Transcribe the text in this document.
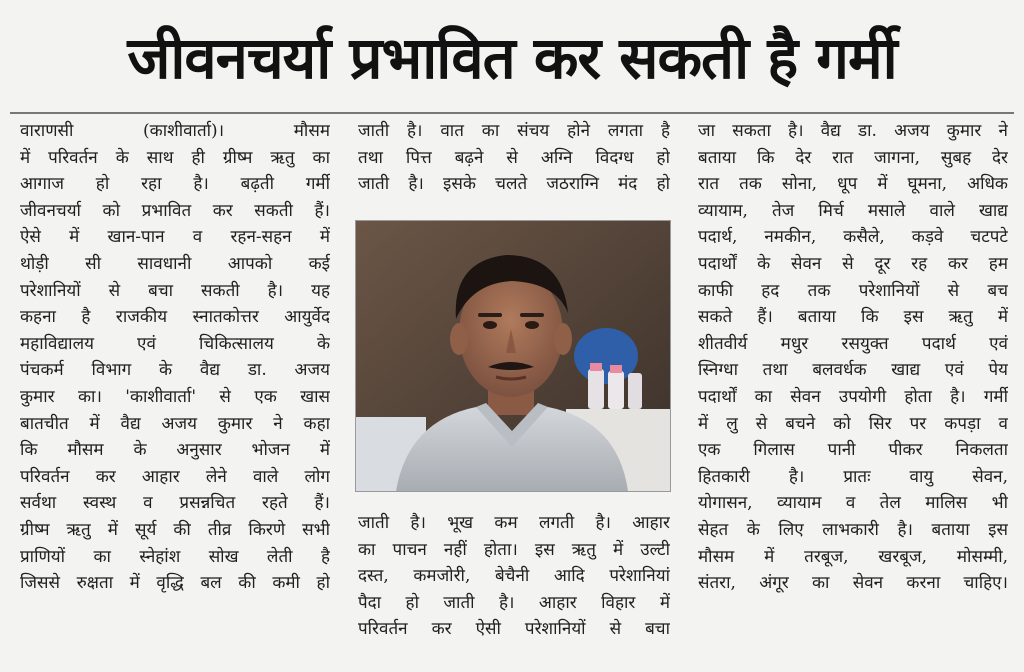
जीवनचर्या प्रभावित कर सकती है गर्मी
वाराणसी (काशीवार्ता)। मौसम
में परिवर्तन के साथ ही ग्रीष्म ऋतु का
आगाज हो रहा है। बढ़ती गर्मी
जीवनचर्या को प्रभावित कर सकती हैं।
ऐसे में खान-पान व रहन-सहन में
थोड़ी सी सावधानी आपको कई
परेशानियों से बचा सकती है। यह
कहना है राजकीय स्नातकोत्तर आयुर्वेद
महाविद्यालय एवं चिकित्सालय के
पंचकर्म विभाग के वैद्य डा. अजय
कुमार का। 'काशीवार्ता' से एक खास
बातचीत में वैद्य अजय कुमार ने कहा
कि मौसम के अनुसार भोजन में
परिवर्तन कर आहार लेने वाले लोग
सर्वथा स्वस्थ व प्रसन्नचित रहते हैं।
ग्रीष्म ऋतु में सूर्य की तीव्र किरणे सभी
प्राणियों का स्नेहांश सोख लेती है
जिससे रुक्षता में वृद्धि बल की कमी हो
जाती है। वात का संचय होने लगता है
तथा पित्त बढ़ने से अग्नि विदग्ध हो
जाती है। इसके चलते जठराग्नि मंद हो
जाती है। भूख कम लगती है। आहार
का पाचन नहीं होता। इस ऋतु में उल्टी
दस्त, कमजोरी, बेचैनी आदि परेशानियां
पैदा हो जाती है। आहार विहार में
परिवर्तन कर ऐसी परेशानियों से बचा
जा सकता है। वैद्य डा. अजय कुमार ने
बताया कि देर रात जागना, सुबह देर
रात तक सोना, धूप में घूमना, अधिक
व्यायाम, तेज मिर्च मसाले वाले खाद्य
पदार्थ, नमकीन, कसैले, कड़वे चटपटे
पदार्थों के सेवन से दूर रह कर हम
काफी हद तक परेशानियों से बच
सकते हैं। बताया कि इस ऋतु में
शीतवीर्य मधुर रसयुक्त पदार्थ एवं
स्निग्धा तथा बलवर्धक खाद्य एवं पेय
पदार्थों का सेवन उपयोगी होता है। गर्मी
में लु से बचने को सिर पर कपड़ा व
एक गिलास पानी पीकर निकलता
हितकारी है। प्रातः वायु सेवन,
योगासन, व्यायाम व तेल मालिस भी
सेहत के लिए लाभकारी है। बताया इस
मौसम में तरबूज, खरबूज, मोसम्मी,
संतरा, अंगूर का सेवन करना चाहिए।
